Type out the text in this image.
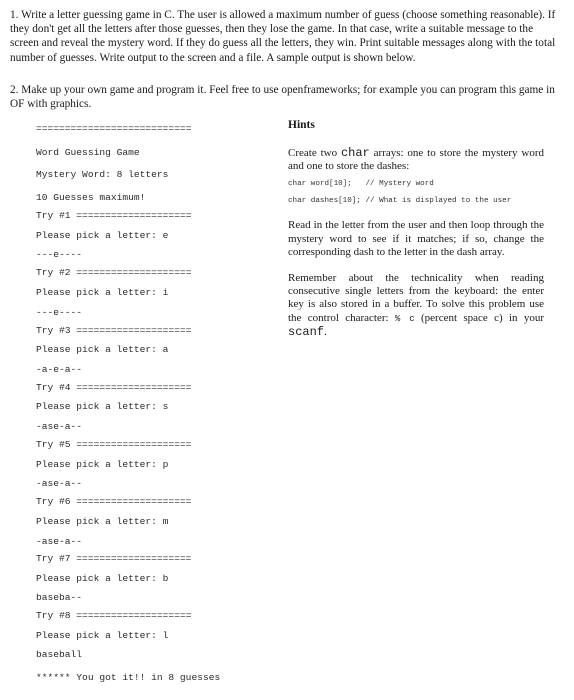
1. Write a letter guessing game in C. The user is allowed a maximum number of guess (choose something reasonable). If they don't get all the letters after those guesses, then they lose the game. In that case, write a suitable message to the screen and reveal the mystery word. If they do guess all the letters, they win. Print suitable messages along with the total number of guesses. Write output to the screen and a file. A sample output is shown below.
2. Make up your own game and program it. Feel free to use openframeworks; for example you can program this game in OF with graphics.
===========================
Word Guessing Game
Mystery Word: 8 letters
10 Guesses maximum!
Try #1 ====================
Please pick a letter: e
---e----
Try #2 ====================
Please pick a letter: i
---e----
Try #3 ====================
Please pick a letter: a
-a-e-a--
Try #4 ====================
Please pick a letter: s
-ase-a--
Try #5 ====================
Please pick a letter: p
-ase-a--
Try #6 ====================
Please pick a letter: m
-ase-a--
Try #7 ====================
Please pick a letter: b
baseba--
Try #8 ====================
Please pick a letter: l
baseball
****** You got it!! in 8 guesses
Hints

Create two char arrays: one to store the mystery word and one to store the dashes:

char word[10];   // Mystery word
char dashes[10]; // What is displayed to the user

Read in the letter from the user and then loop through the mystery word to see if it matches; if so, change the corresponding dash to the letter in the dash array.

Remember about the technicality when reading consecutive single letters from the keyboard: the enter key is also stored in a buffer. To solve this problem use the control character: % c (percent space c) in your scanf.
